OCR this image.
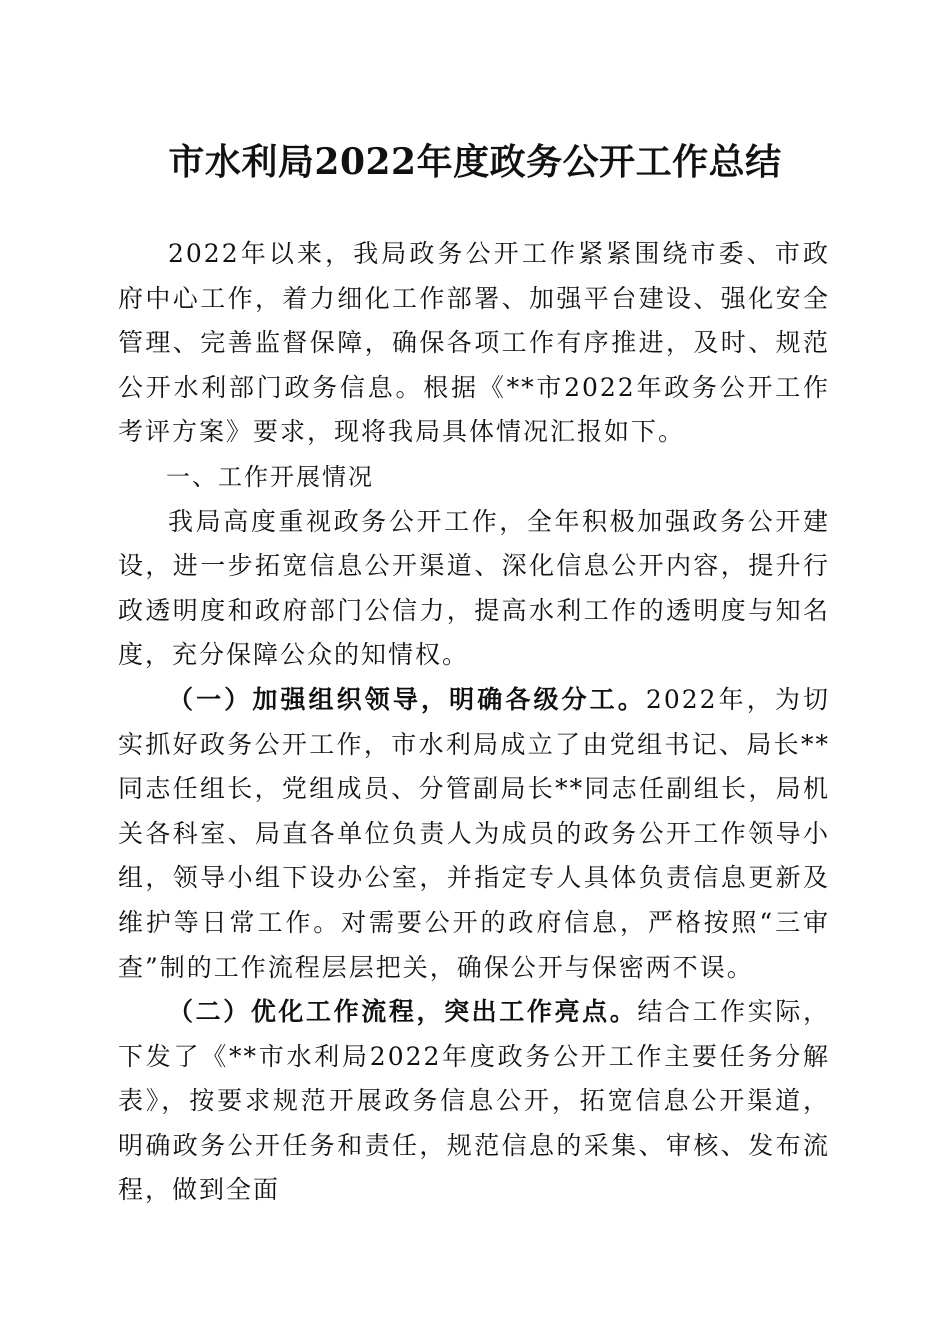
市水利局2022年度政务公开工作总结

2022年以来，我局政务公开工作紧紧围绕市委、市政府中心工作，着力细化工作部署、加强平台建设、强化安全管理、完善监督保障，确保各项工作有序推进，及时、规范公开水利部门政务信息。根据《**市2022年政务公开工作考评方案》要求，现将我局具体情况汇报如下。

一、工作开展情况

我局高度重视政务公开工作，全年积极加强政务公开建设，进一步拓宽信息公开渠道、深化信息公开内容，提升行政透明度和政府部门公信力，提高水利工作的透明度与知名度，充分保障公众的知情权。

（一）加强组织领导，明确各级分工。2022年，为切实抓好政务公开工作，市水利局成立了由党组书记、局长**同志任组长，党组成员、分管副局长**同志任副组长，局机关各科室、局直各单位负责人为成员的政务公开工作领导小组，领导小组下设办公室，并指定专人具体负责信息更新及维护等日常工作。对需要公开的政府信息，严格按照“三审查”制的工作流程层层把关，确保公开与保密两不误。

（二）优化工作流程，突出工作亮点。结合工作实际，下发了《**市水利局2022年度政务公开工作主要任务分解表》，按要求规范开展政务信息公开，拓宽信息公开渠道，明确政务公开任务和责任，规范信息的采集、审核、发布流程，做到全面
